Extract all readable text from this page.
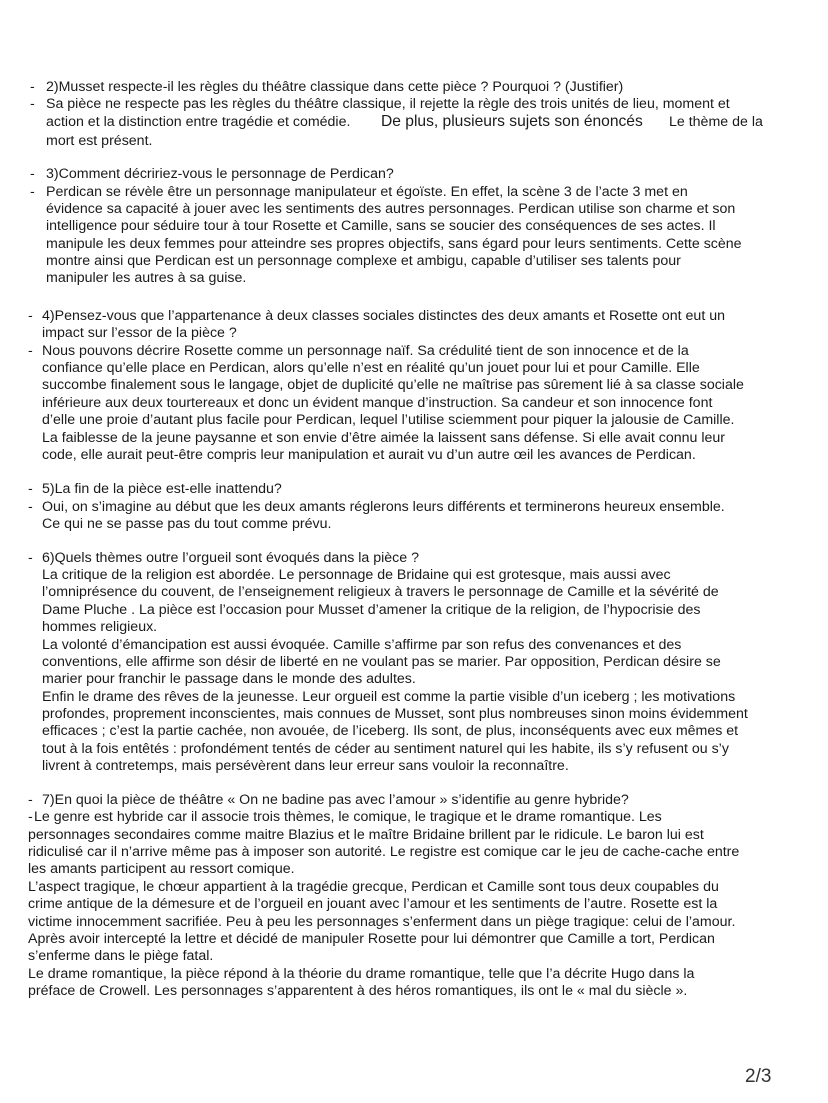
- 2)Musset respecte-il les règles du théâtre classique dans cette pièce ? Pourquoi ? (Justifier)
- Sa pièce ne respecte pas les règles du théâtre classique, il rejette la règle des trois unités de lieu, moment et
action et la distinction entre tragédie et comédie. De plus, plusieurs sujets son énoncés Le thème de la
mort est présent.
- 3)Comment décririez-vous le personnage de Perdican?
- Perdican se révèle être un personnage manipulateur et égoïste. En effet, la scène 3 de l’acte 3 met en
évidence sa capacité à jouer avec les sentiments des autres personnages. Perdican utilise son charme et son
intelligence pour séduire tour à tour Rosette et Camille, sans se soucier des conséquences de ses actes. Il
manipule les deux femmes pour atteindre ses propres objectifs, sans égard pour leurs sentiments. Cette scène
montre ainsi que Perdican est un personnage complexe et ambigu, capable d’utiliser ses talents pour
manipuler les autres à sa guise.
- 4)Pensez-vous que l’appartenance à deux classes sociales distinctes des deux amants et Rosette ont eut un
impact sur l’essor de la pièce ?
- Nous pouvons décrire Rosette comme un personnage naïf. Sa crédulité tient de son innocence et de la
confiance qu’elle place en Perdican, alors qu’elle n’est en réalité qu’un jouet pour lui et pour Camille. Elle
succombe finalement sous le langage, objet de duplicité qu’elle ne maîtrise pas sûrement lié à sa classe sociale
inférieure aux deux tourtereaux et donc un évident manque d’instruction. Sa candeur et son innocence font
d’elle une proie d’autant plus facile pour Perdican, lequel l’utilise sciemment pour piquer la jalousie de Camille.
La faiblesse de la jeune paysanne et son envie d’être aimée la laissent sans défense. Si elle avait connu leur
code, elle aurait peut-être compris leur manipulation et aurait vu d’un autre œil les avances de Perdican.
- 5)La fin de la pièce est-elle inattendu?
- Oui, on s’imagine au début que les deux amants réglerons leurs différents et terminerons heureux ensemble.
Ce qui ne se passe pas du tout comme prévu.
- 6)Quels thèmes outre l’orgueil sont évoqués dans la pièce ?
La critique de la religion est abordée. Le personnage de Bridaine qui est grotesque, mais aussi avec
l’omniprésence du couvent, de l’enseignement religieux à travers le personnage de Camille et la sévérité de
Dame Pluche . La pièce est l’occasion pour Musset d’amener la critique de la religion, de l’hypocrisie des
hommes religieux.
La volonté d’émancipation est aussi évoquée. Camille s’affirme par son refus des convenances et des
conventions, elle affirme son désir de liberté en ne voulant pas se marier. Par opposition, Perdican désire se
marier pour franchir le passage dans le monde des adultes.
Enfin le drame des rêves de la jeunesse. Leur orgueil est comme la partie visible d’un iceberg ; les motivations
profondes, proprement inconscientes, mais connues de Musset, sont plus nombreuses sinon moins évidemment
efficaces ; c’est la partie cachée, non avouée, de l’iceberg. Ils sont, de plus, inconséquents avec eux mêmes et
tout à la fois entêtés : profondément tentés de céder au sentiment naturel qui les habite, ils s’y refusent ou s’y
livrent à contretemps, mais persévèrent dans leur erreur sans vouloir la reconnaître.
- 7)En quoi la pièce de théâtre « On ne badine pas avec l’amour » s’identifie au genre hybride?
- Le genre est hybride car il associe trois thèmes, le comique, le tragique et le drame romantique. Les
personnages secondaires comme maitre Blazius et le maître Bridaine brillent par le ridicule. Le baron lui est
ridiculisé car il n’arrive même pas à imposer son autorité. Le registre est comique car le jeu de cache-cache entre
les amants participent au ressort comique.
L’aspect tragique, le chœur appartient à la tragédie grecque, Perdican et Camille sont tous deux coupables du
crime antique de la démesure et de l’orgueil en jouant avec l’amour et les sentiments de l’autre. Rosette est la
victime innocemment sacrifiée. Peu à peu les personnages s’enferment dans un piège tragique: celui de l’amour.
Après avoir intercepté la lettre et décidé de manipuler Rosette pour lui démontrer que Camille a tort, Perdican
s’enferme dans le piège fatal.
Le drame romantique, la pièce répond à la théorie du drame romantique, telle que l’a décrite Hugo dans la
préface de Crowell. Les personnages s’apparentent à des héros romantiques, ils ont le « mal du siècle ».
2/3
